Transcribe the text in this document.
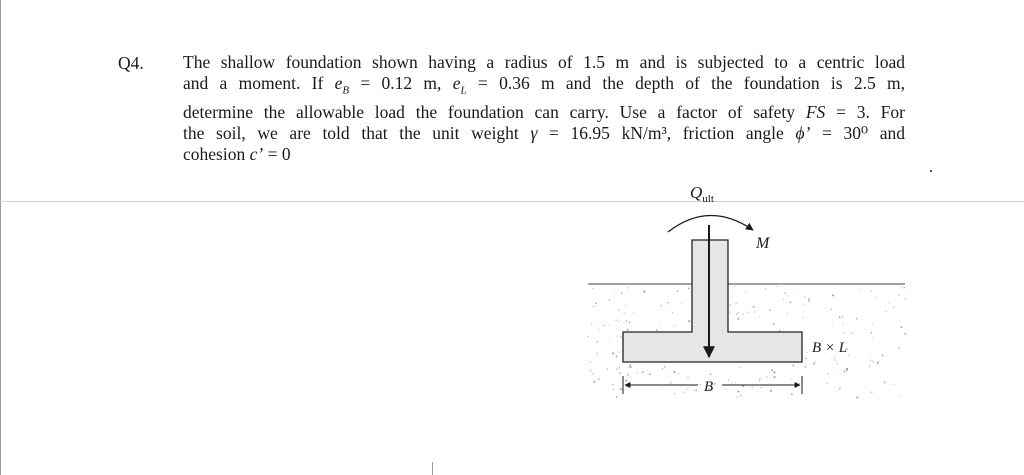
Q4. The shallow foundation shown having a radius of 1.5 m and is subjected to a centric load
and a moment. If $e_B = 0.12$ m, $e_L = 0.36$ m and the depth of the foundation is 2.5 m,
determine the allowable load the foundation can carry. Use a factor of safety FS = 3. For
the soil, we are told that the unit weight γ = 16.95 kN/m³, friction angle ϕ’ = 30⁰ and
cohesion c’ = 0
$Q_{ult}$
M
B × L
B
